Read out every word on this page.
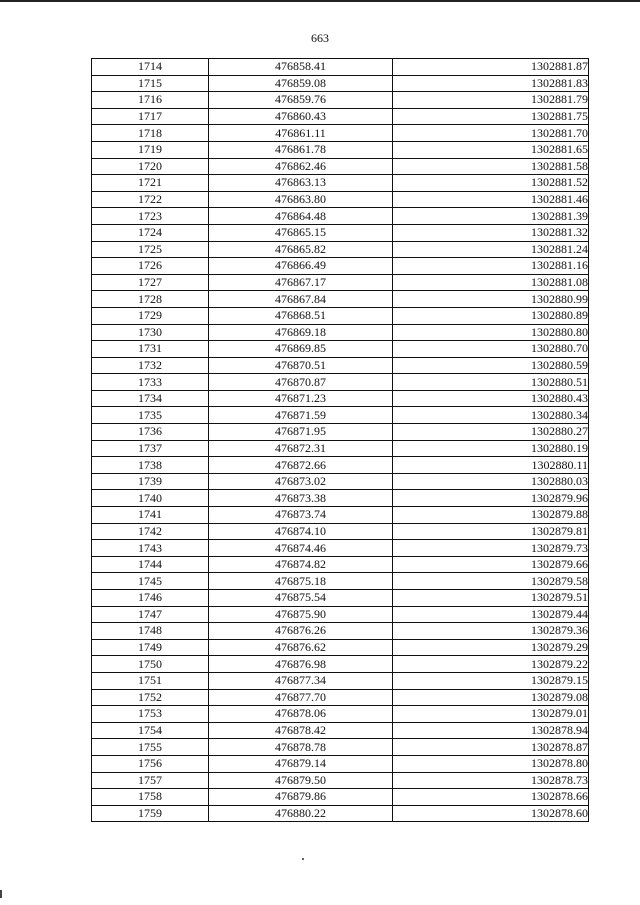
663
1714	476858.41	1302881.87
1715	476859.08	1302881.83
1716	476859.76	1302881.79
1717	476860.43	1302881.75
1718	476861.11	1302881.70
1719	476861.78	1302881.65
1720	476862.46	1302881.58
1721	476863.13	1302881.52
1722	476863.80	1302881.46
1723	476864.48	1302881.39
1724	476865.15	1302881.32
1725	476865.82	1302881.24
1726	476866.49	1302881.16
1727	476867.17	1302881.08
1728	476867.84	1302880.99
1729	476868.51	1302880.89
1730	476869.18	1302880.80
1731	476869.85	1302880.70
1732	476870.51	1302880.59
1733	476870.87	1302880.51
1734	476871.23	1302880.43
1735	476871.59	1302880.34
1736	476871.95	1302880.27
1737	476872.31	1302880.19
1738	476872.66	1302880.11
1739	476873.02	1302880.03
1740	476873.38	1302879.96
1741	476873.74	1302879.88
1742	476874.10	1302879.81
1743	476874.46	1302879.73
1744	476874.82	1302879.66
1745	476875.18	1302879.58
1746	476875.54	1302879.51
1747	476875.90	1302879.44
1748	476876.26	1302879.36
1749	476876.62	1302879.29
1750	476876.98	1302879.22
1751	476877.34	1302879.15
1752	476877.70	1302879.08
1753	476878.06	1302879.01
1754	476878.42	1302878.94
1755	476878.78	1302878.87
1756	476879.14	1302878.80
1757	476879.50	1302878.73
1758	476879.86	1302878.66
1759	476880.22	1302878.60
